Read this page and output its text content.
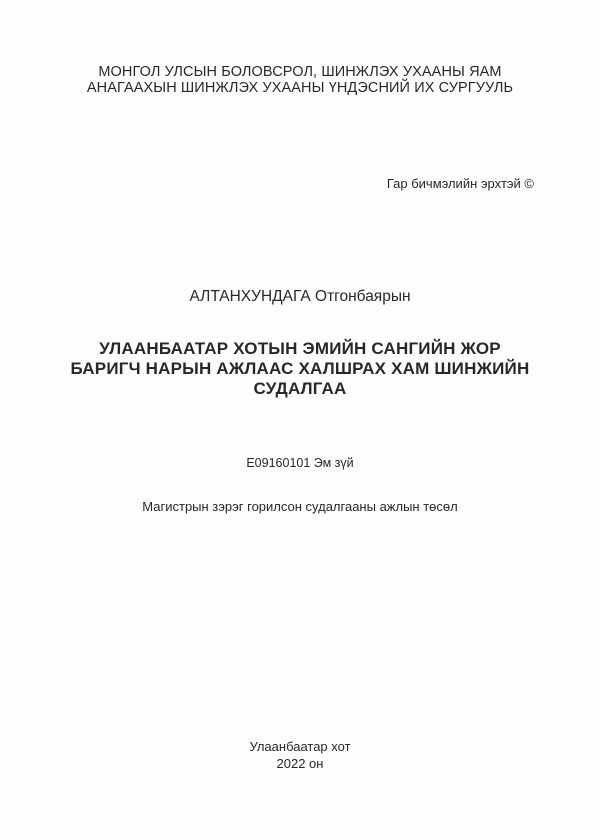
МОНГОЛ УЛСЫН БОЛОВСРОЛ, ШИНЖЛЭХ УХААНЫ ЯАМ
АНАГААХЫН ШИНЖЛЭХ УХААНЫ ҮНДЭСНИЙ ИХ СУРГУУЛЬ
Гар бичмэлийн эрхтэй ©
АЛТАНХУНДАГА Отгонбаярын
УЛААНБААТАР ХОТЫН ЭМИЙН САНГИЙН ЖОР
БАРИГЧ НАРЫН АЖЛААС ХАЛШРАХ ХАМ ШИНЖИЙН
СУДАЛГАА
Е09160101 Эм зүй
Магистрын зэрэг горилсон судалгааны ажлын төсөл
Улаанбаатар хот
2022 он
